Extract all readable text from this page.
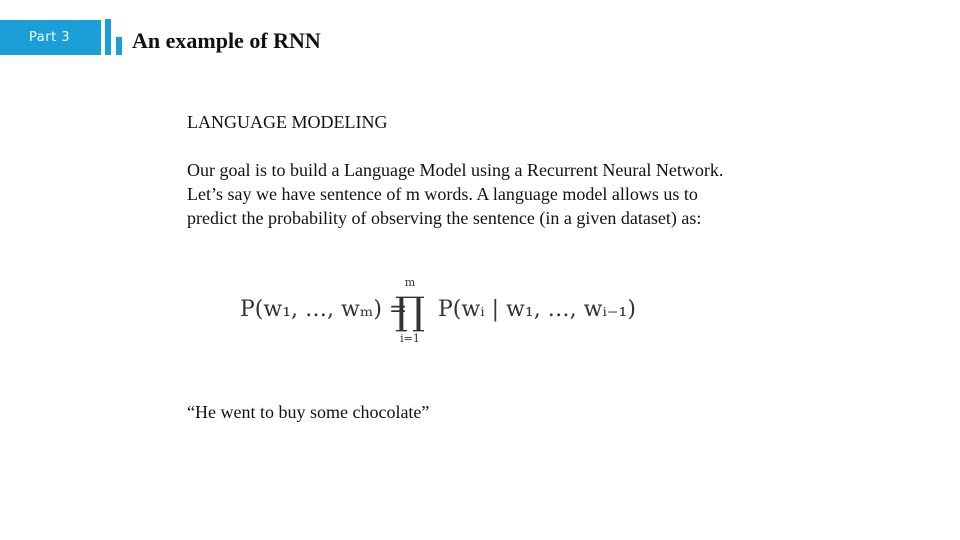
Part 3	An example of RNN
LANGUAGE MODELING
Our goal is to build a Language Model using a Recurrent Neural Network. Let’s say we have sentence of m words. A language model allows us to predict the probability of observing the sentence (in a given dataset) as:
P(w₁, …, wₘ) =
m
∏
i=1
P(wᵢ | w₁, …, wᵢ₋₁)
“He went to buy some chocolate”
